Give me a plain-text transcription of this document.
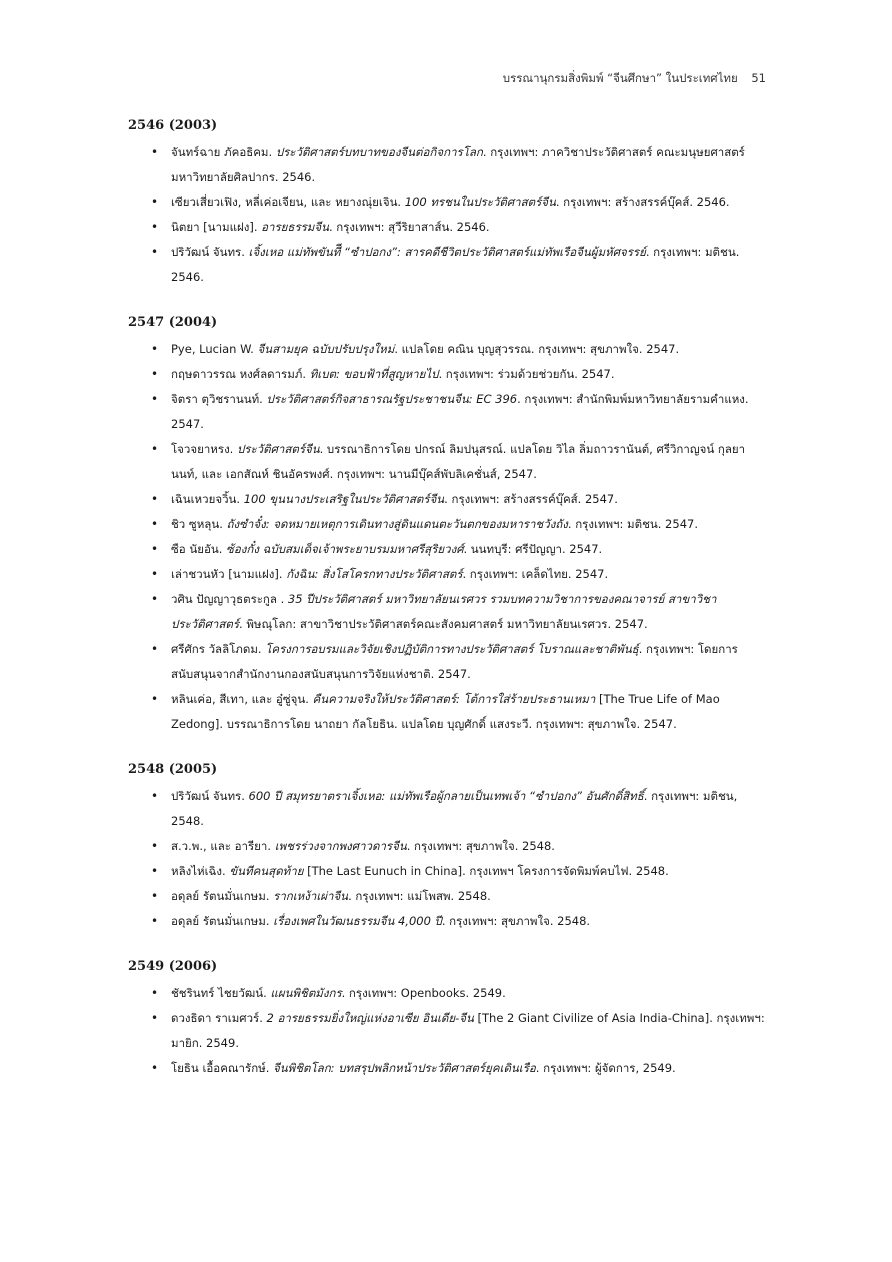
บรรณานุกรมสิ่งพิมพ์ “จีนศึกษา” ในประเทศไทย 51
2546 (2003)
• จันทร์ฉาย ภัคอธิคม. ประวัติศาสตร์บทบาทของจีนต่อกิจการโลก. กรุงเทพฯ: ภาควิชาประวัติศาสตร์ คณะมนุษยศาสตร์ มหาวิทยาลัยศิลปากร. 2546.
• เซียวเสี่ยวเฟิง, หลี่เค่อเจียน, และ หยางณุ่ยเจิน. 100 ทรชนในประวัติศาสตร์จีน. กรุงเทพฯ: สร้างสรรค์บุ๊คส์. 2546.
• นิตยา [นามแฝง]. อารยธรรมจีน. กรุงเทพฯ: สุวีริยาสาส์น. 2546.
• ปริวัฒน์ จันทร. เจิ้งเหอ แม่ทัพขันทีี “ซำปอกง”: สารคดีชีวิตประวัติศาสตร์แม่ทัพเรือจีนผู้มหัศจรรย์. กรุงเทพฯ: มติชน. 2546.
2547 (2004)
• Pye, Lucian W. จีนสามยุค ฉบับปรับปรุงใหม่. แปลโดย คณิน บุญสุวรรณ. กรุงเทพฯ: สุขภาพใจ. 2547.
• กฤษดาวรรณ หงศ์ลดารมภ์. ทิเบต: ขอบฟ้าที่สูญหายไป. กรุงเทพฯ: ร่วมด้วยช่วยกัน. 2547.
• จิตรา ตุวิชรานนท์. ประวัติศาสตร์กิจสาธารณรัฐประชาชนจีน: EC 396. กรุงเทพฯ: สำนักพิมพ์มหาวิทยาลัยรามคำแหง. 2547.
• โจวจยาหรง. ประวัติศาสตร์จีน. บรรณาธิการโดย ปกรณ์ ลิมปนุสรณ์. แปลโดย วิไล ลิ่มถาวรานันต์, ศรีวิกาญจน์ กุลยานนท์, และ เอกสัณห์ ชินอัครพงศ์. กรุงเทพฯ: นานมีบุ๊คส์พับลิเคชั่นส์, 2547.
• เฉินเหวยจวิ้น. 100 ขุนนางประเสริฐในประวัติศาสตร์จีน. กรุงเทพฯ: สร้างสรรค์บุ๊คส์. 2547.
• ชิว ซูหลุน. ถังซำจั๋ง: จดหมายเหตุการเดินทางสู่ดินแดนตะวันตกของมหาราชวังถัง. กรุงเทพฯ: มติชน. 2547.
• ซือ นัยอัน. ซ้องกั๋ง ฉบับสมเด็จเจ้าพระยาบรมมหาศรีสุริยวงศ์. นนทบุรี: ศรีปัญญา. 2547.
• เล่าชวนหัว [นามแฝง]. กังฉิน: สิ่งโสโครกทางประวัติศาสตร์. กรุงเทพฯ: เคล็ดไทย. 2547.
• วศิน ปัญญาวุธตระกูล . 35 ปีประวัติศาสตร์ มหาวิทยาลัยนเรศวร รวมบทความวิชาการของคณาจารย์ สาขาวิชาประวัติศาสตร์. พิษณุโลก: สาขาวิชาประวัติศาสตร์คณะสังคมศาสตร์ มหาวิทยาลัยนเรศวร. 2547.
• ศรีศักร วัลลิโภดม. โครงการอบรมและวิจัยเชิงปฏิบัติการทางประวัติศาสตร์ โบราณและชาติพันธุ์. กรุงเทพฯ: โดยการสนับสนุนจากสำนักงานกองสนับสนุนการวิจัยแห่งชาติ. 2547.
• หลินเค่อ, สีเทา, และ อู๋ซู่จุน. คืนความจริงให้ประวัติศาสตร์: โต้การใส่ร้ายประธานเหมา [The True Life of Mao Zedong]. บรรณาธิการโดย นาถยา กัลโยธิน. แปลโดย บุญศักดิ์ แสงระวี. กรุงเทพฯ: สุขภาพใจ. 2547.
2548 (2005)
• ปริวัฒน์ จันทร. 600 ปี สมุทรยาตราเจิ้งเหอ: แม่ทัพเรือผู้กลายเป็นเทพเจ้า “ซำปอกง” อันศักดิ์สิทธิ์. กรุงเทพฯ: มติชน, 2548.
• ส.ว.พ., และ อารียา. เพชรร่วงจากพงศาวดารจีน. กรุงเทพฯ: สุขภาพใจ. 2548.
• หลิงไห่เฉิง. ขันทีคนสุดท้าย [The Last Eunuch in China]. กรุงเทพฯ โครงการจัดพิมพ์คบไฟ. 2548.
• อดุลย์ รัตนมั่นเกษม. รากเหง้าเผ่าจีน. กรุงเทพฯ: แม่โพสพ. 2548.
• อดุลย์ รัตนมั่นเกษม. เรื่องเพศในวัฒนธรรมจีน 4,000 ปี. กรุงเทพฯ: สุขภาพใจ. 2548.
2549 (2006)
• ชัชรินทร์ ไชยวัฒน์. แผนพิชิตมังกร. กรุงเทพฯ: Openbooks. 2549.
• ดวงธิดา ราเมศวร์. 2 อารยธรรมยิ่งใหญ่แห่งอาเซีย อินเดีย-จีน [The 2 Giant Civilize of Asia India-China]. กรุงเทพฯ: มายิก. 2549.
• โยธิน เอื้อคณารักษ์. จีนพิชิตโลก: บทสรุปพลิกหน้าประวัติศาสตร์ยุคเดินเรือ. กรุงเทพฯ: ผู้จัดการ, 2549.
